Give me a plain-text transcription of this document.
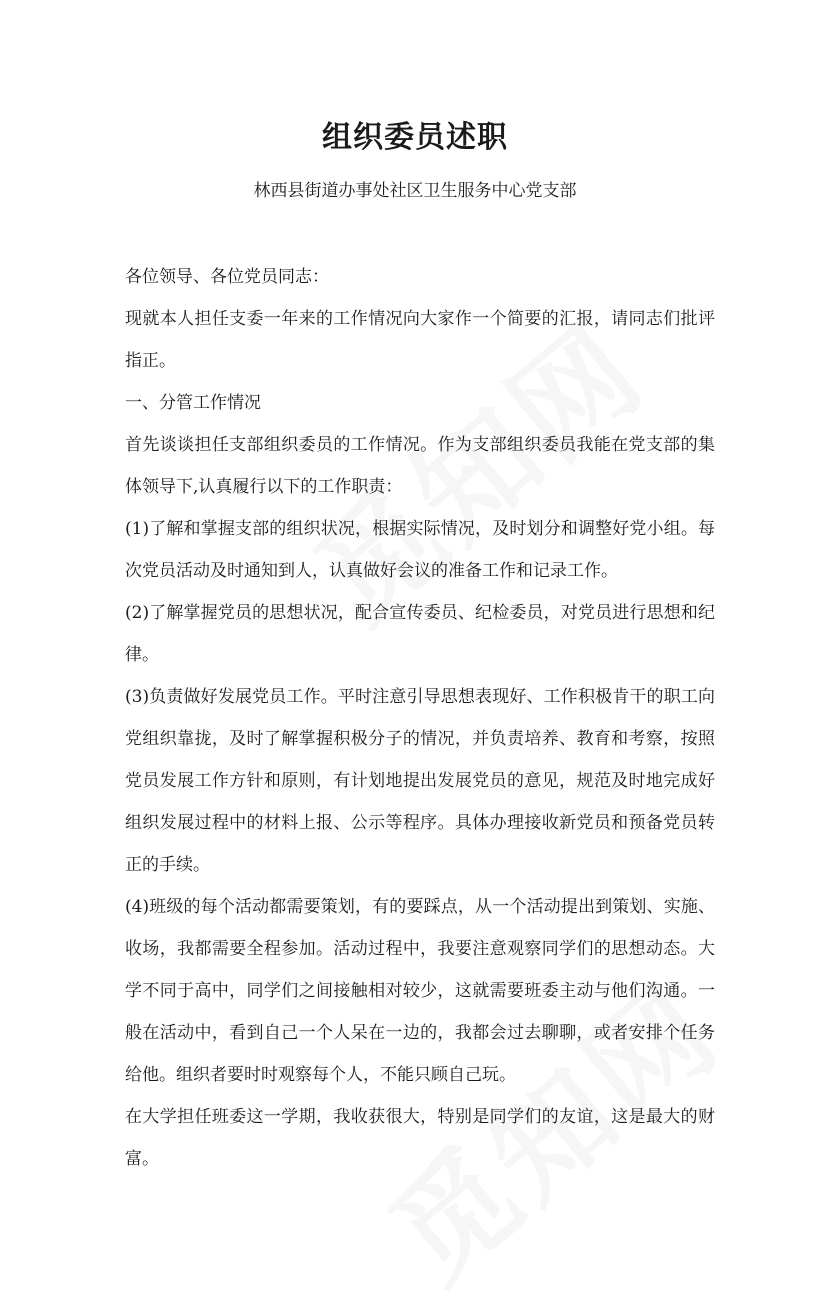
组织委员述职
林西县街道办事处社区卫生服务中心党支部

各位领导、各位党员同志：

现就本人担任支委一年来的工作情况向大家作一个简要的汇报，请同志们批评指正。

一、分管工作情况

首先谈谈担任支部组织委员的工作情况。作为支部组织委员我能在党支部的集体领导下,认真履行以下的工作职责：

(1)了解和掌握支部的组织状况，根据实际情况，及时划分和调整好党小组。每次党员活动及时通知到人，认真做好会议的准备工作和记录工作。

(2)了解掌握党员的思想状况，配合宣传委员、纪检委员，对党员进行思想和纪律。

(3)负责做好发展党员工作。平时注意引导思想表现好、工作积极肯干的职工向党组织靠拢，及时了解掌握积极分子的情况，并负责培养、教育和考察，按照党员发展工作方针和原则，有计划地提出发展党员的意见，规范及时地完成好组织发展过程中的材料上报、公示等程序。具体办理接收新党员和预备党员转正的手续。

(4)班级的每个活动都需要策划，有的要踩点，从一个活动提出到策划、实施、收场，我都需要全程参加。活动过程中，我要注意观察同学们的思想动态。大学不同于高中，同学们之间接触相对较少，这就需要班委主动与他们沟通。一般在活动中，看到自己一个人呆在一边的，我都会过去聊聊，或者安排个任务给他。组织者要时时观察每个人，不能只顾自己玩。

在大学担任班委这一学期，我收获很大，特别是同学们的友谊，这是最大的财富。
